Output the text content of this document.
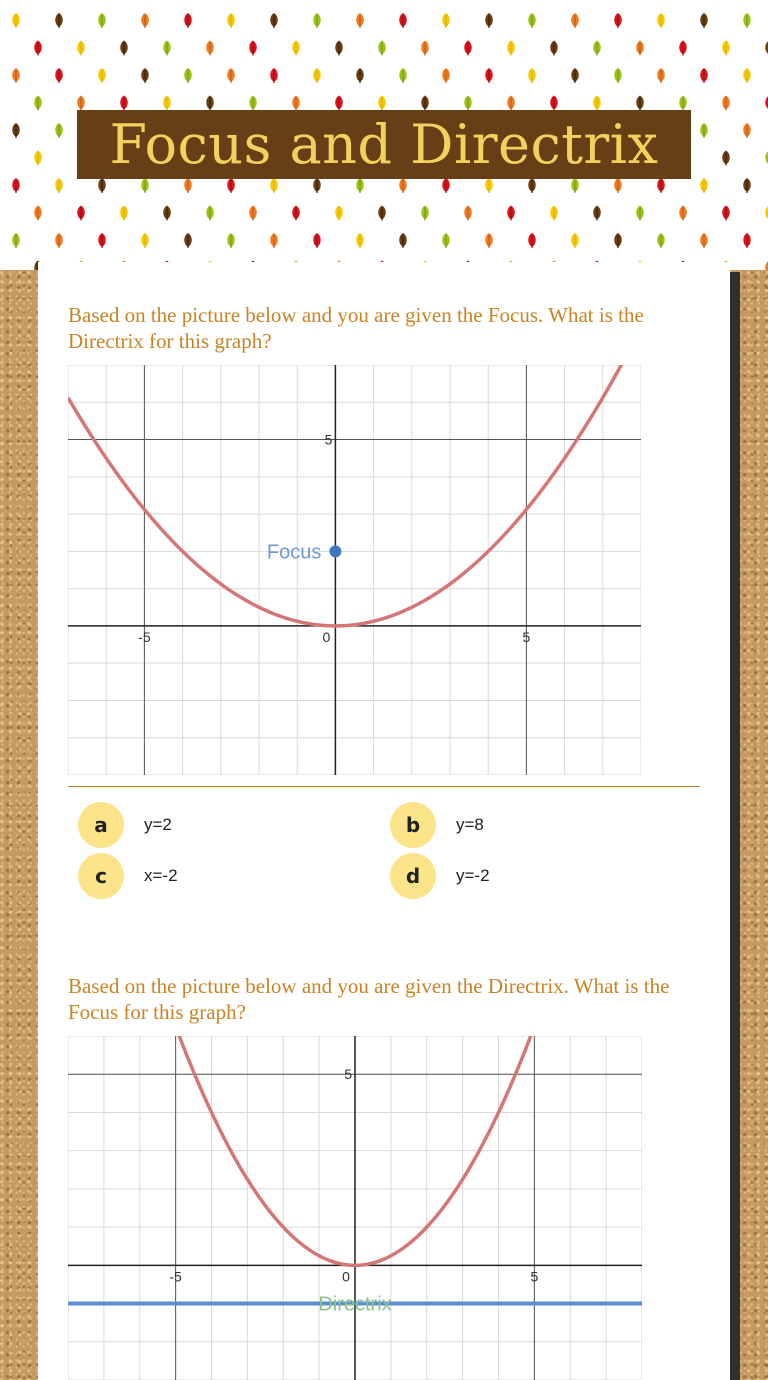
Focus and Directrix
Based on the picture below and you are given the Focus. What is the Directrix for this graph?
-5	0	5
5
Focus
a	y=2	b	y=8
c	x=-2	d	y=-2
Based on the picture below and you are given the Directrix. What is the Focus for this graph?
-5	0	5
5
Directrix
